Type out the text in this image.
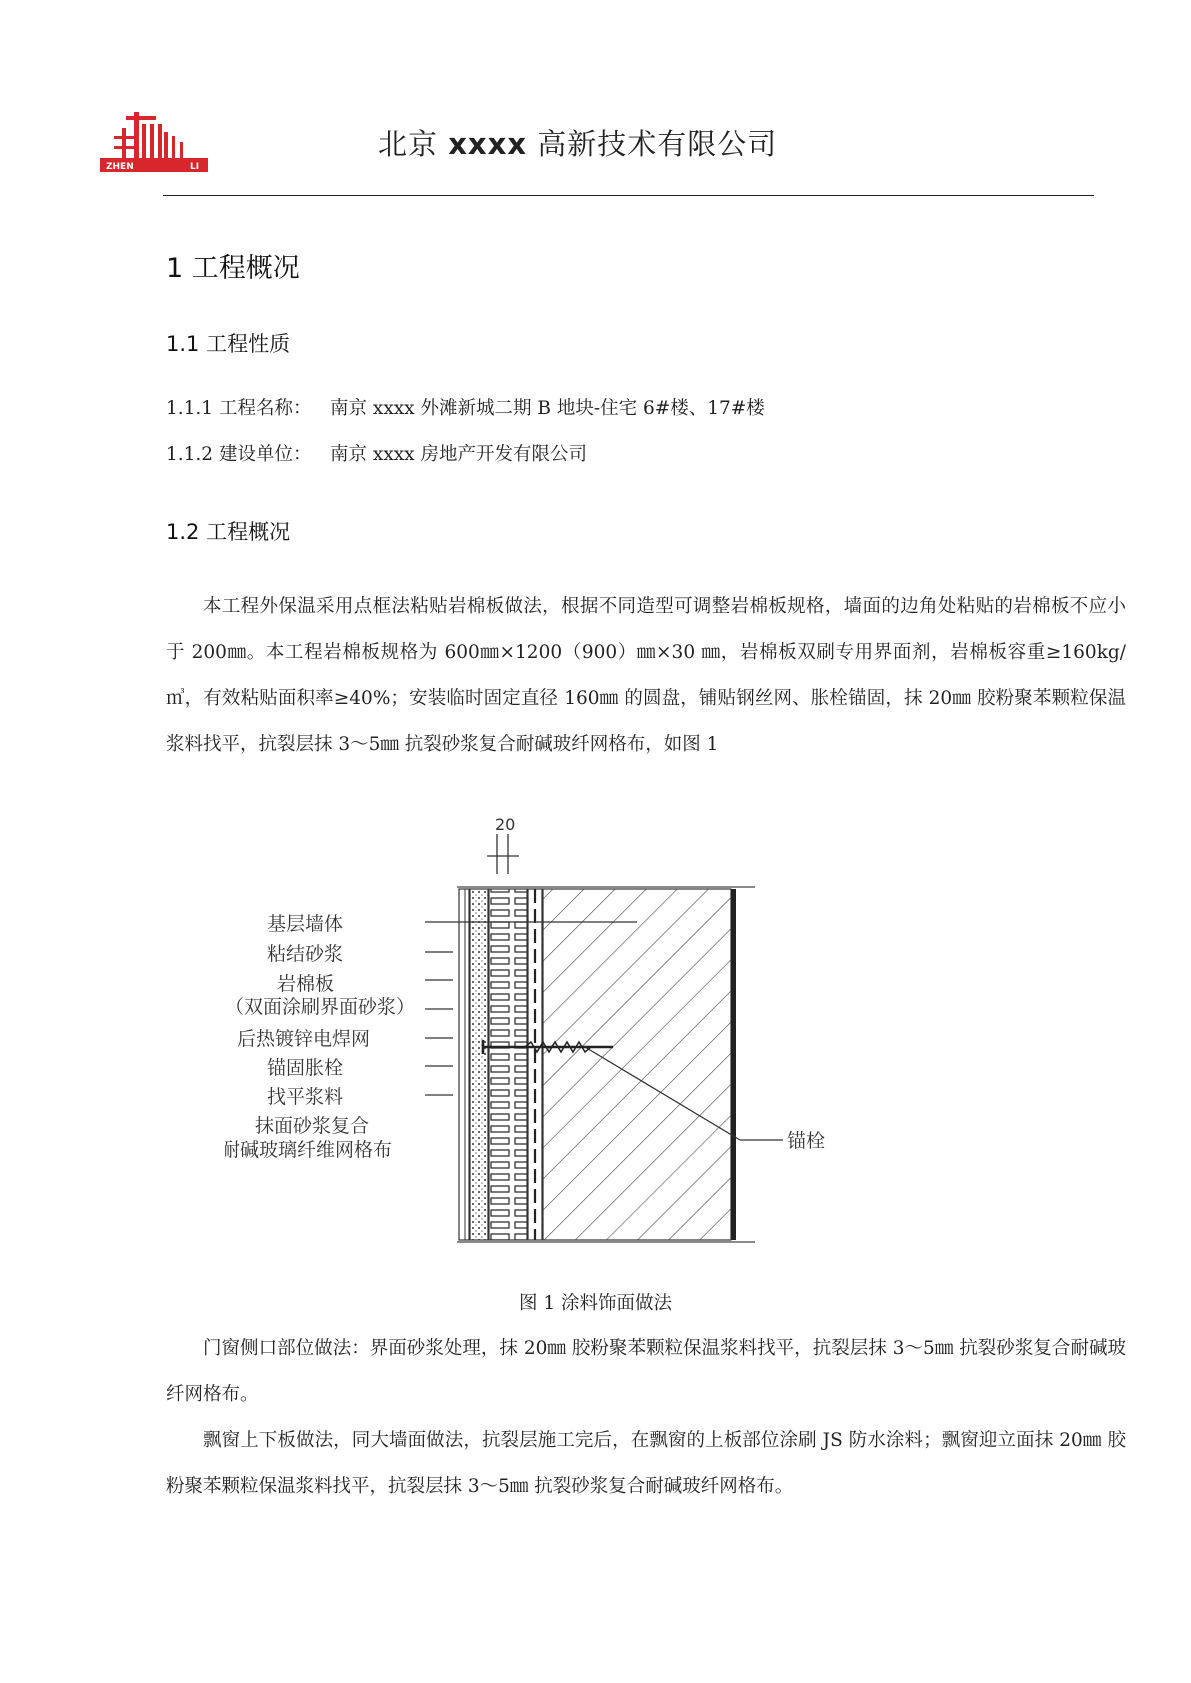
ZHEN	LI
北京 xxxx 高新技术有限公司
1 工程概况
1.1 工程性质
1.1.1 工程名称： 南京 xxxx 外滩新城二期 B 地块-住宅 6#楼、17#楼
1.1.2 建设单位： 南京 xxxx 房地产开发有限公司
1.2 工程概况

本工程外保温采用点框法粘贴岩棉板做法，根据不同造型可调整岩棉板规格，墙面的边角处粘贴的岩棉板不应小于 200㎜。本工程岩棉板规格为 600㎜×1200（900）㎜×30 ㎜，岩棉板双刷专用界面剂，岩棉板容重≥160kg/㎥，有效粘贴面积率≥40%；安装临时固定直径 160㎜ 的圆盘，铺贴钢丝网、胀栓锚固，抹 20㎜ 胶粉聚苯颗粒保温浆料找平，抗裂层抹 3～5㎜ 抗裂砂浆复合耐碱玻纤网格布，如图 1

20
锚栓
基层墙体
粘结砂浆
岩棉板
（双面涂刷界面砂浆）
后热镀锌电焊网
锚固胀栓
找平浆料
抹面砂浆复合
耐碱玻璃纤维网格布
图 1 涂料饰面做法

门窗侧口部位做法：界面砂浆处理，抹 20㎜ 胶粉聚苯颗粒保温浆料找平，抗裂层抹 3～5㎜ 抗裂砂浆复合耐碱玻纤网格布。

飘窗上下板做法，同大墙面做法，抗裂层施工完后，在飘窗的上板部位涂刷 JS 防水涂料；飘窗迎立面抹 20㎜ 胶粉聚苯颗粒保温浆料找平，抗裂层抹 3～5㎜ 抗裂砂浆复合耐碱玻纤网格布。
